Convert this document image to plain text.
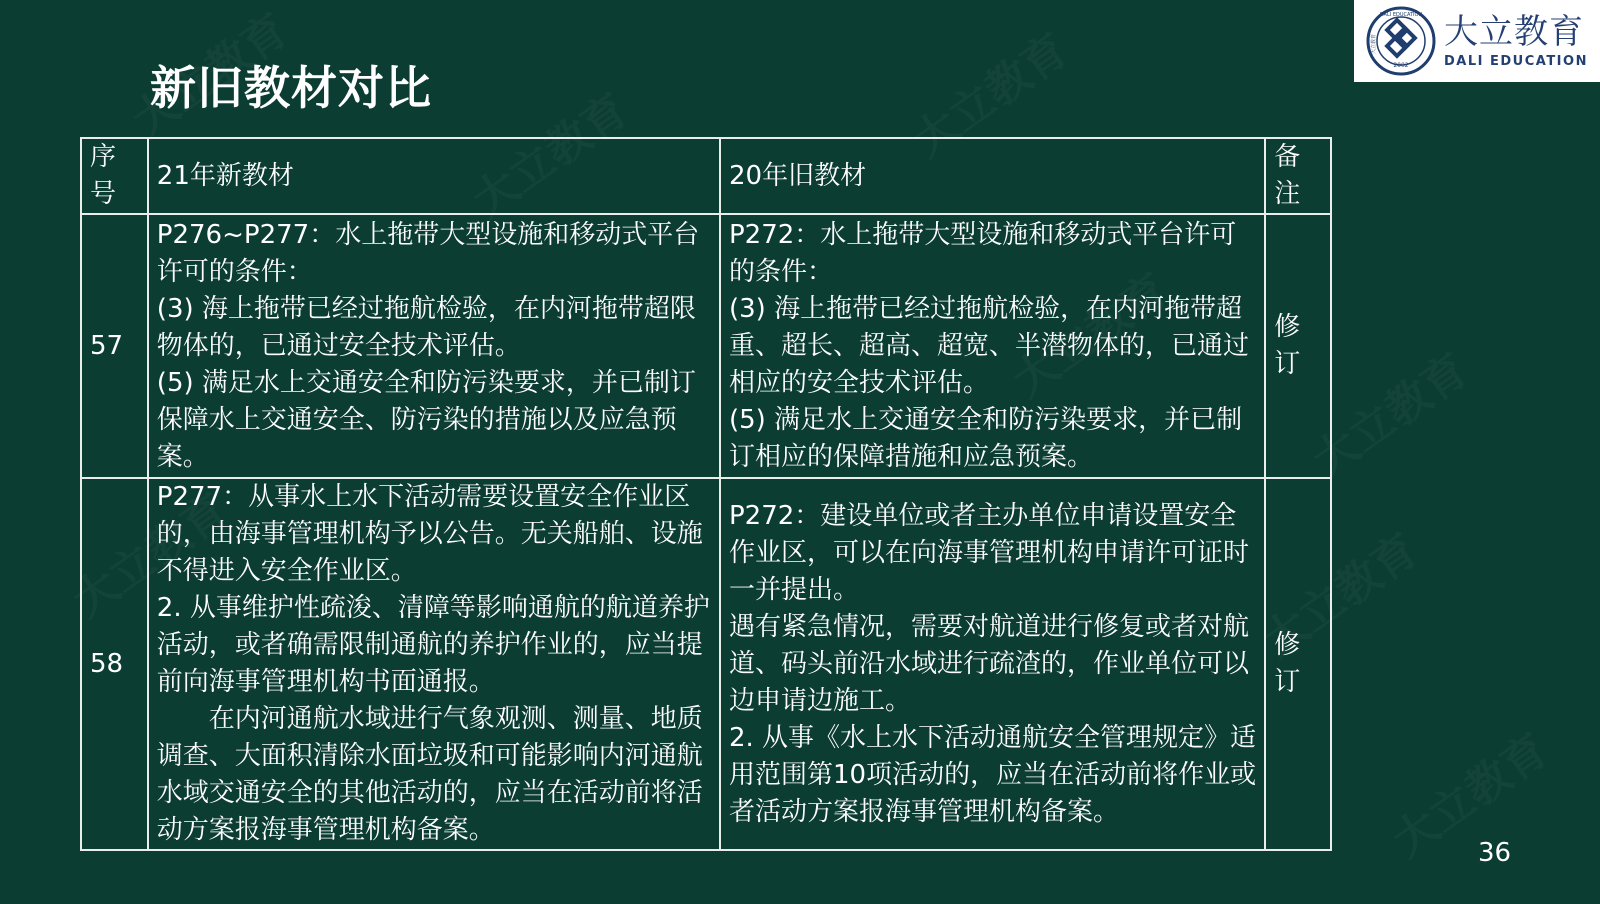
新旧教材对比	2002
DALI EDUCATION
大立教育 大立教育
DALI EDUCATION
序号	21年新教材	20年旧教材	备注
57	P276~P277：水上拖带大型设施和移动式平台许可的条件：
(3) 海上拖带已经过拖航检验，在内河拖带超限物体的，已通过安全技术评估。
(5) 满足水上交通安全和防污染要求，并已制订保障水上交通安全、防污染的措施以及应急预案。	P272：水上拖带大型设施和移动式平台许可的条件：
(3) 海上拖带已经过拖航检验，在内河拖带超重、超长、超高、超宽、半潜物体的，已通过相应的安全技术评估。
(5) 满足水上交通安全和防污染要求，并已制订相应的保障措施和应急预案。	修订
58	P277：从事水上水下活动需要设置安全作业区的，由海事管理机构予以公告。无关船舶、设施不得进入安全作业区。
2. 从事维护性疏浚、清障等影响通航的航道养护活动，或者确需限制通航的养护作业的，应当提前向海事管理机构书面通报。
在内河通航水域进行气象观测、测量、地质调查、大面积清除水面垃圾和可能影响内河通航水域交通安全的其他活动的，应当在活动前将活动方案报海事管理机构备案。	P272：建设单位或者主办单位申请设置安全作业区，可以在向海事管理机构申请许可证时一并提出。
遇有紧急情况，需要对航道进行修复或者对航道、码头前沿水域进行疏渣的，作业单位可以边申请边施工。
2. 从事《水上水下活动通航安全管理规定》适用范围第10项活动的，应当在活动前将作业或者活动方案报海事管理机构备案。	修订
36
